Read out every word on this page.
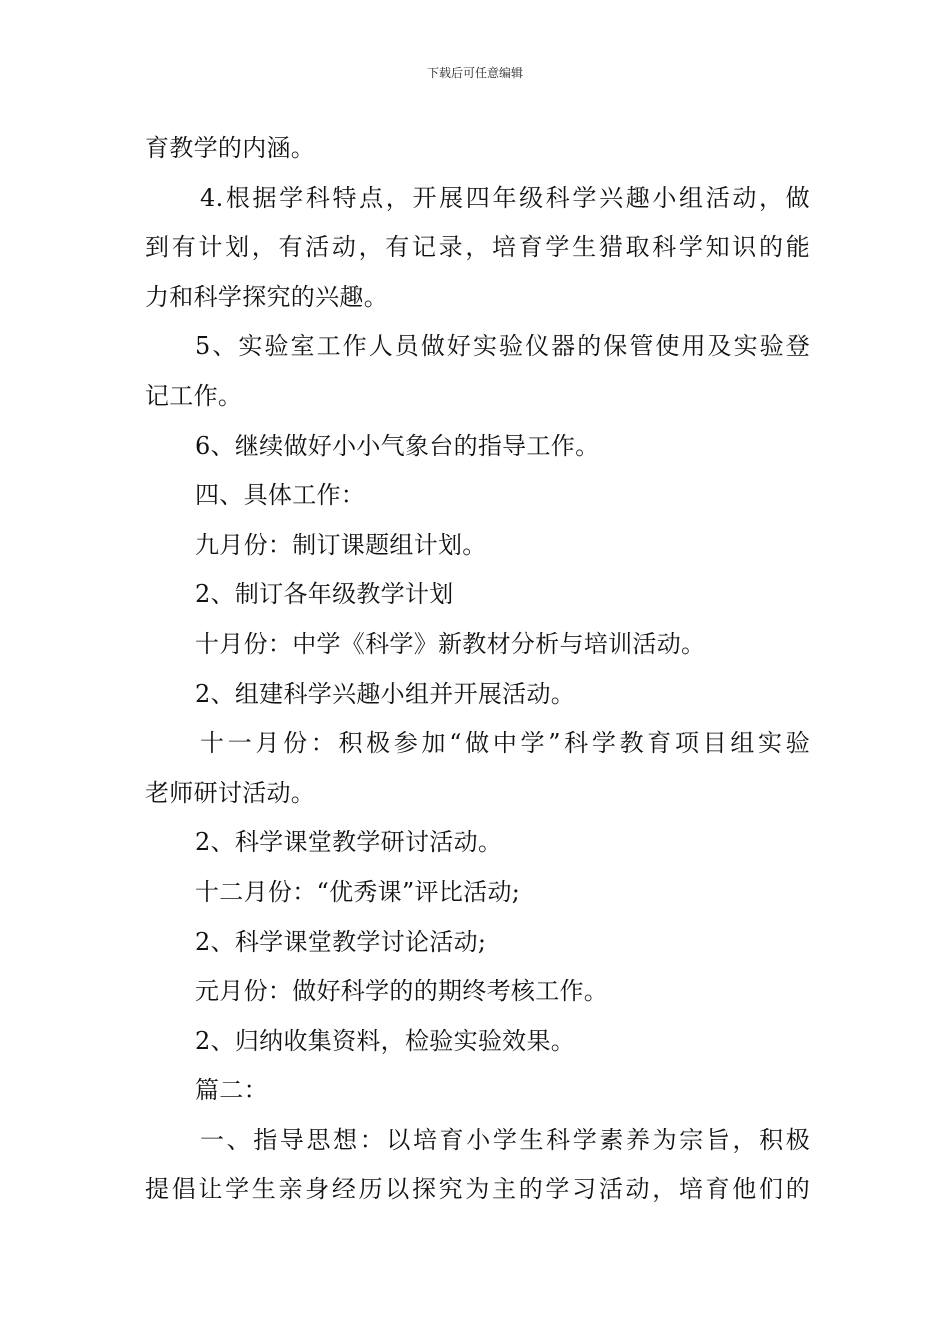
下载后可任意编辑
育教学的内涵。
4.根据学科特点，开展四年级科学兴趣小组活动，做
到有计划，有活动，有记录，培育学生猎取科学知识的能
力和科学探究的兴趣。
5、实验室工作人员做好实验仪器的保管使用及实验登
记工作。
6、继续做好小小气象台的指导工作。
四、具体工作：
九月份：制订课题组计划。
2、制订各年级教学计划
十月份：中学《科学》新教材分析与培训活动。
2、组建科学兴趣小组并开展活动。
十一月份：积极参加“做中学”科学教育项目组实验
老师研讨活动。
2、科学课堂教学研讨活动。
十二月份：“优秀课”评比活动;
2、科学课堂教学讨论活动;
元月份：做好科学的的期终考核工作。
2、归纳收集资料，检验实验效果。
篇二：
一、指导思想：以培育小学生科学素养为宗旨，积极
提倡让学生亲身经历以探究为主的学习活动，培育他们的
